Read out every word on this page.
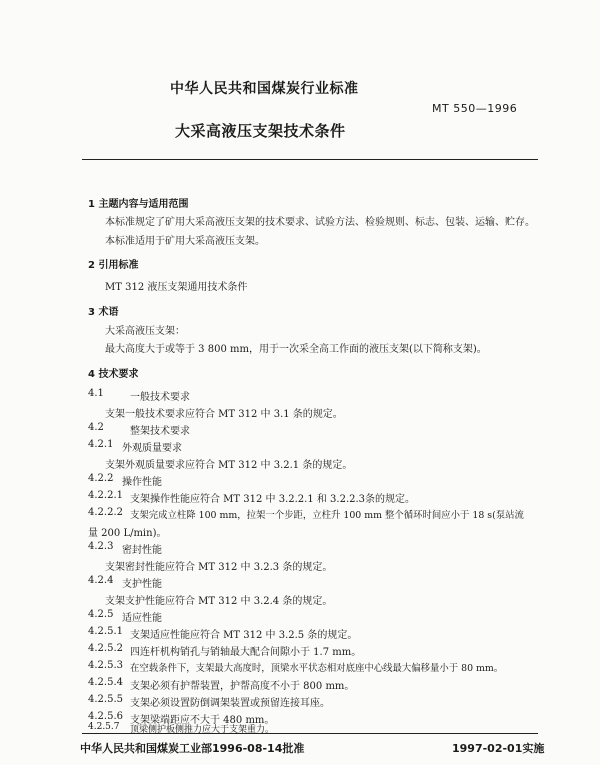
中华人民共和国煤炭行业标准
MT 550—1996
大采高液压支架技术条件
1 主题内容与适用范围
本标准规定了矿用大采高液压支架的技术要求、试验方法、检验规则、标志、包装、运输、贮存。
本标准适用于矿用大采高液压支架。
2 引用标准
MT 312 液压支架通用技术条件
3 术语
大采高液压支架：
最大高度大于或等于 3 800 mm，用于一次采全高工作面的液压支架(以下简称支架)。
4 技术要求
4.1	一般技术要求
支架一般技术要求应符合 MT 312 中 3.1 条的规定。
4.2	整架技术要求
4.2.1 外观质量要求
支架外观质量要求应符合 MT 312 中 3.2.1 条的规定。
4.2.2 操作性能
4.2.2.1 支架操作性能应符合 MT 312 中 3.2.2.1 和 3.2.2.3条的规定。
4.2.2.2 支架完成立柱降 100 mm，拉架一个步距，立柱升 100 mm 整个循环时间应小于 18 s(泵站流
量 200 L/min)。
4.2.3 密封性能
支架密封性能应符合 MT 312 中 3.2.3 条的规定。
4.2.4 支护性能
支架支护性能应符合 MT 312 中 3.2.4 条的规定。
4.2.5 适应性能
4.2.5.1 支架适应性能应符合 MT 312 中 3.2.5 条的规定。
4.2.5.2 四连杆机构销孔与销轴最大配合间隙小于 1.7 mm。
4.2.5.3 在空载条件下，支架最大高度时，顶梁水平状态相对底座中心线最大偏移量小于 80 mm。
4.2.5.4 支架必须有护帮装置，护帮高度不小于 800 mm。
4.2.5.5 支架必须设置防倒调架装置或预留连接耳座。
4.2.5.6 支架梁端距应不大于 480 mm。
4.2.5.7 顶梁侧护板侧推力应大于支架重力。
中华人民共和国煤炭工业部1996-08-14批准	1997-02-01实施
